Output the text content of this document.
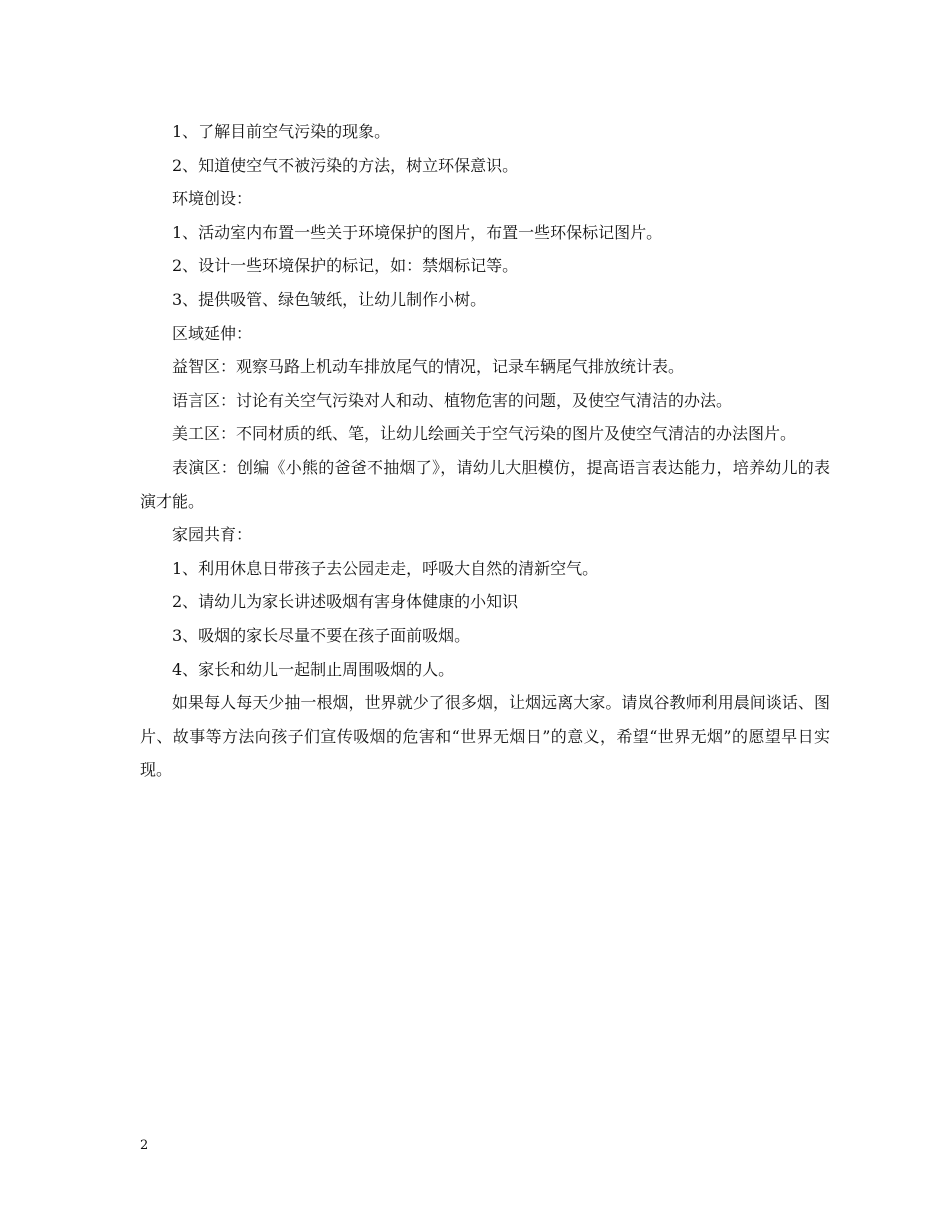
1、了解目前空气污染的现象。

2、知道使空气不被污染的方法，树立环保意识。

环境创设：

1、活动室内布置一些关于环境保护的图片，布置一些环保标记图片。

2、设计一些环境保护的标记，如：禁烟标记等。

3、提供吸管、绿色皱纸，让幼儿制作小树。

区域延伸：

益智区：观察马路上机动车排放尾气的情况，记录车辆尾气排放统计表。

语言区：讨论有关空气污染对人和动、植物危害的问题，及使空气清洁的办法。

美工区：不同材质的纸、笔，让幼儿绘画关于空气污染的图片及使空气清洁的办法图片。

表演区：创编《小熊的爸爸不抽烟了》，请幼儿大胆模仿，提高语言表达能力，培养幼儿的表演才能。

家园共育：

1、利用休息日带孩子去公园走走，呼吸大自然的清新空气。

2、请幼儿为家长讲述吸烟有害身体健康的小知识

3、吸烟的家长尽量不要在孩子面前吸烟。

4、家长和幼儿一起制止周围吸烟的人。

如果每人每天少抽一根烟，世界就少了很多烟，让烟远离大家。请岚谷教师利用晨间谈话、图片、故事等方法向孩子们宣传吸烟的危害和“世界无烟日”的意义，希望“世界无烟”的愿望早日实现。

2
